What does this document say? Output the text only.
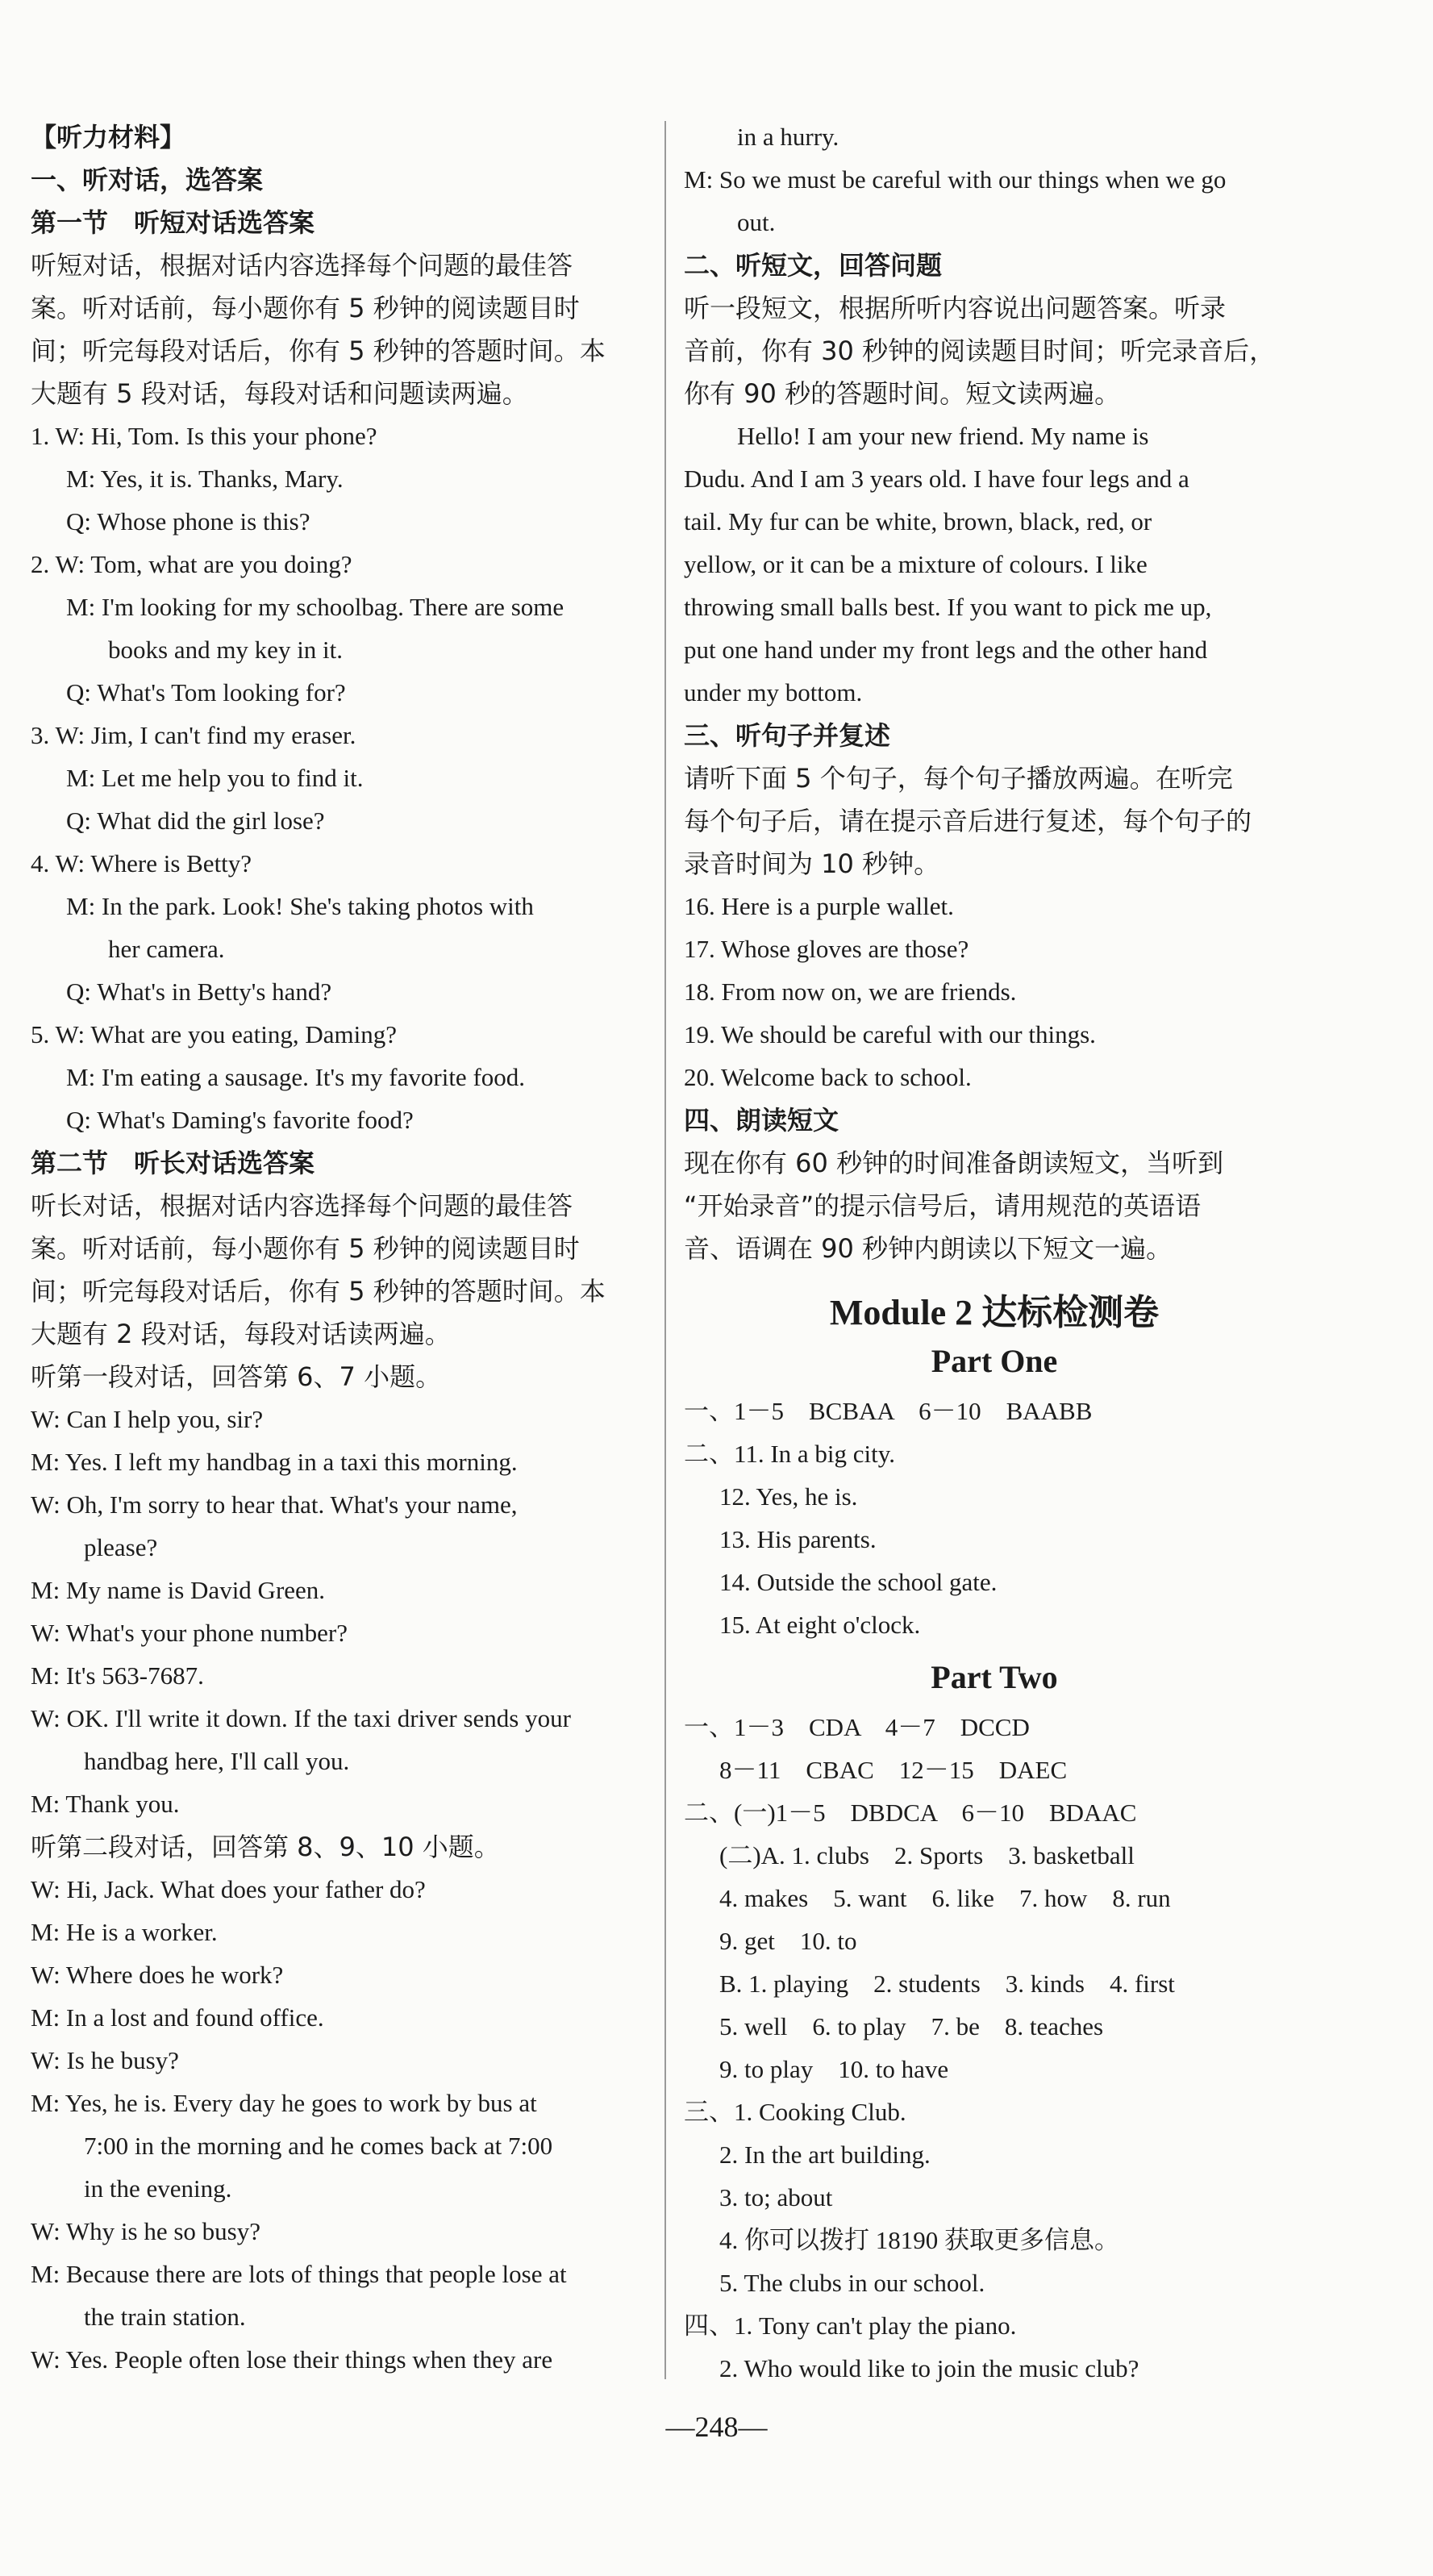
【听力材料】
一、听对话，选答案
第一节　听短对话选答案
听短对话，根据对话内容选择每个问题的最佳答
案。听对话前，每小题你有 5 秒钟的阅读题目时
间；听完每段对话后，你有 5 秒钟的答题时间。本
大题有 5 段对话，每段对话和问题读两遍。
1. W: Hi, Tom. Is this your phone?
M: Yes, it is. Thanks, Mary.
Q: Whose phone is this?
2. W: Tom, what are you doing?
M: I'm looking for my schoolbag. There are some
books and my key in it.
Q: What's Tom looking for?
3. W: Jim, I can't find my eraser.
M: Let me help you to find it.
Q: What did the girl lose?
4. W: Where is Betty?
M: In the park. Look! She's taking photos with
her camera.
Q: What's in Betty's hand?
5. W: What are you eating, Daming?
M: I'm eating a sausage. It's my favorite food.
Q: What's Daming's favorite food?
第二节　听长对话选答案
听长对话，根据对话内容选择每个问题的最佳答
案。听对话前，每小题你有 5 秒钟的阅读题目时
间；听完每段对话后，你有 5 秒钟的答题时间。本
大题有 2 段对话，每段对话读两遍。
听第一段对话，回答第 6、7 小题。
W: Can I help you, sir?
M: Yes. I left my handbag in a taxi this morning.
W: Oh, I'm sorry to hear that. What's your name,
please?
M: My name is David Green.
W: What's your phone number?
M: It's 563-7687.
W: OK. I'll write it down. If the taxi driver sends your
handbag here, I'll call you.
M: Thank you.
听第二段对话，回答第 8、9、10 小题。
W: Hi, Jack. What does your father do?
M: He is a worker.
W: Where does he work?
M: In a lost and found office.
W: Is he busy?
M: Yes, he is. Every day he goes to work by bus at
7:00 in the morning and he comes back at 7:00
in the evening.
W: Why is he so busy?
M: Because there are lots of things that people lose at
the train station.
W: Yes. People often lose their things when they are
Module 2 达标检测卷
Part One
Part Two
in a hurry.
M: So we must be careful with our things when we go
out.
二、听短文，回答问题
听一段短文，根据所听内容说出问题答案。听录
音前，你有 30 秒钟的阅读题目时间；听完录音后，
你有 90 秒的答题时间。短文读两遍。
Hello! I am your new friend. My name is
Dudu. And I am 3 years old. I have four legs and a
tail. My fur can be white, brown, black, red, or
yellow, or it can be a mixture of colours. I like
throwing small balls best. If you want to pick me up,
put one hand under my front legs and the other hand
under my bottom.
三、听句子并复述
请听下面 5 个句子，每个句子播放两遍。在听完
每个句子后，请在提示音后进行复述，每个句子的
录音时间为 10 秒钟。
16. Here is a purple wallet.
17. Whose gloves are those?
18. From now on, we are friends.
19. We should be careful with our things.
20. Welcome back to school.
四、朗读短文
现在你有 60 秒钟的时间准备朗读短文，当听到
“开始录音”的提示信号后，请用规范的英语语
音、语调在 90 秒钟内朗读以下短文一遍。
一、1－5　BCBAA　6－10　BAABB
二、11. In a big city.
12. Yes, he is.
13. His parents.
14. Outside the school gate.
15. At eight o'clock.
一、1－3　CDA　4－7　DCCD
8－11　CBAC　12－15　DAEC
二、(一)1－5　DBDCA　6－10　BDAAC
(二)A. 1. clubs　2. Sports　3. basketball
4. makes　5. want　6. like　7. how　8. run
9. get　10. to
B. 1. playing　2. students　3. kinds　4. first
5. well　6. to play　7. be　8. teaches
9. to play　10. to have
三、1. Cooking Club.
2. In the art building.
3. to; about
4. 你可以拨打 18190 获取更多信息。
5. The clubs in our school.
四、1. Tony can't play the piano.
2. Who would like to join the music club?
—248—
